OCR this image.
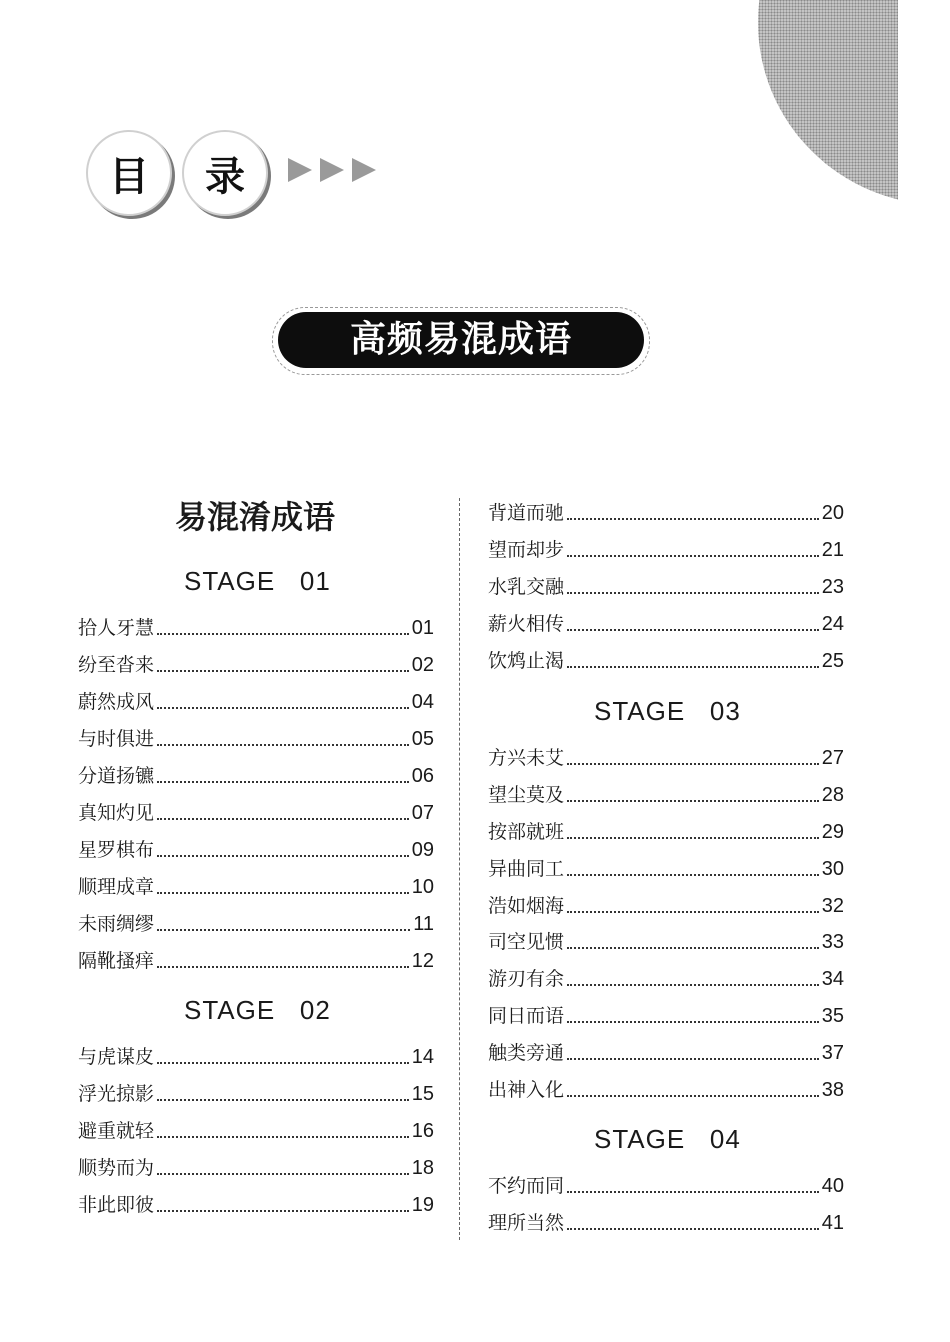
目 录
高频易混成语
易混淆成语
STAGE   01
STAGE   02
STAGE   03
STAGE   04
拾人牙慧	01
纷至沓来	02
蔚然成风	04
与时俱进	05
分道扬镳	06
真知灼见	07
星罗棋布	09
顺理成章	10
未雨绸缪	11
隔靴搔痒	12
与虎谋皮	14
浮光掠影	15
避重就轻	16
顺势而为	18
非此即彼	19
背道而驰	20
望而却步	21
水乳交融	23
薪火相传	24
饮鸩止渴	25
方兴未艾	27
望尘莫及	28
按部就班	29
异曲同工	30
浩如烟海	32
司空见惯	33
游刃有余	34
同日而语	35
触类旁通	37
出神入化	38
不约而同	40
理所当然	41
